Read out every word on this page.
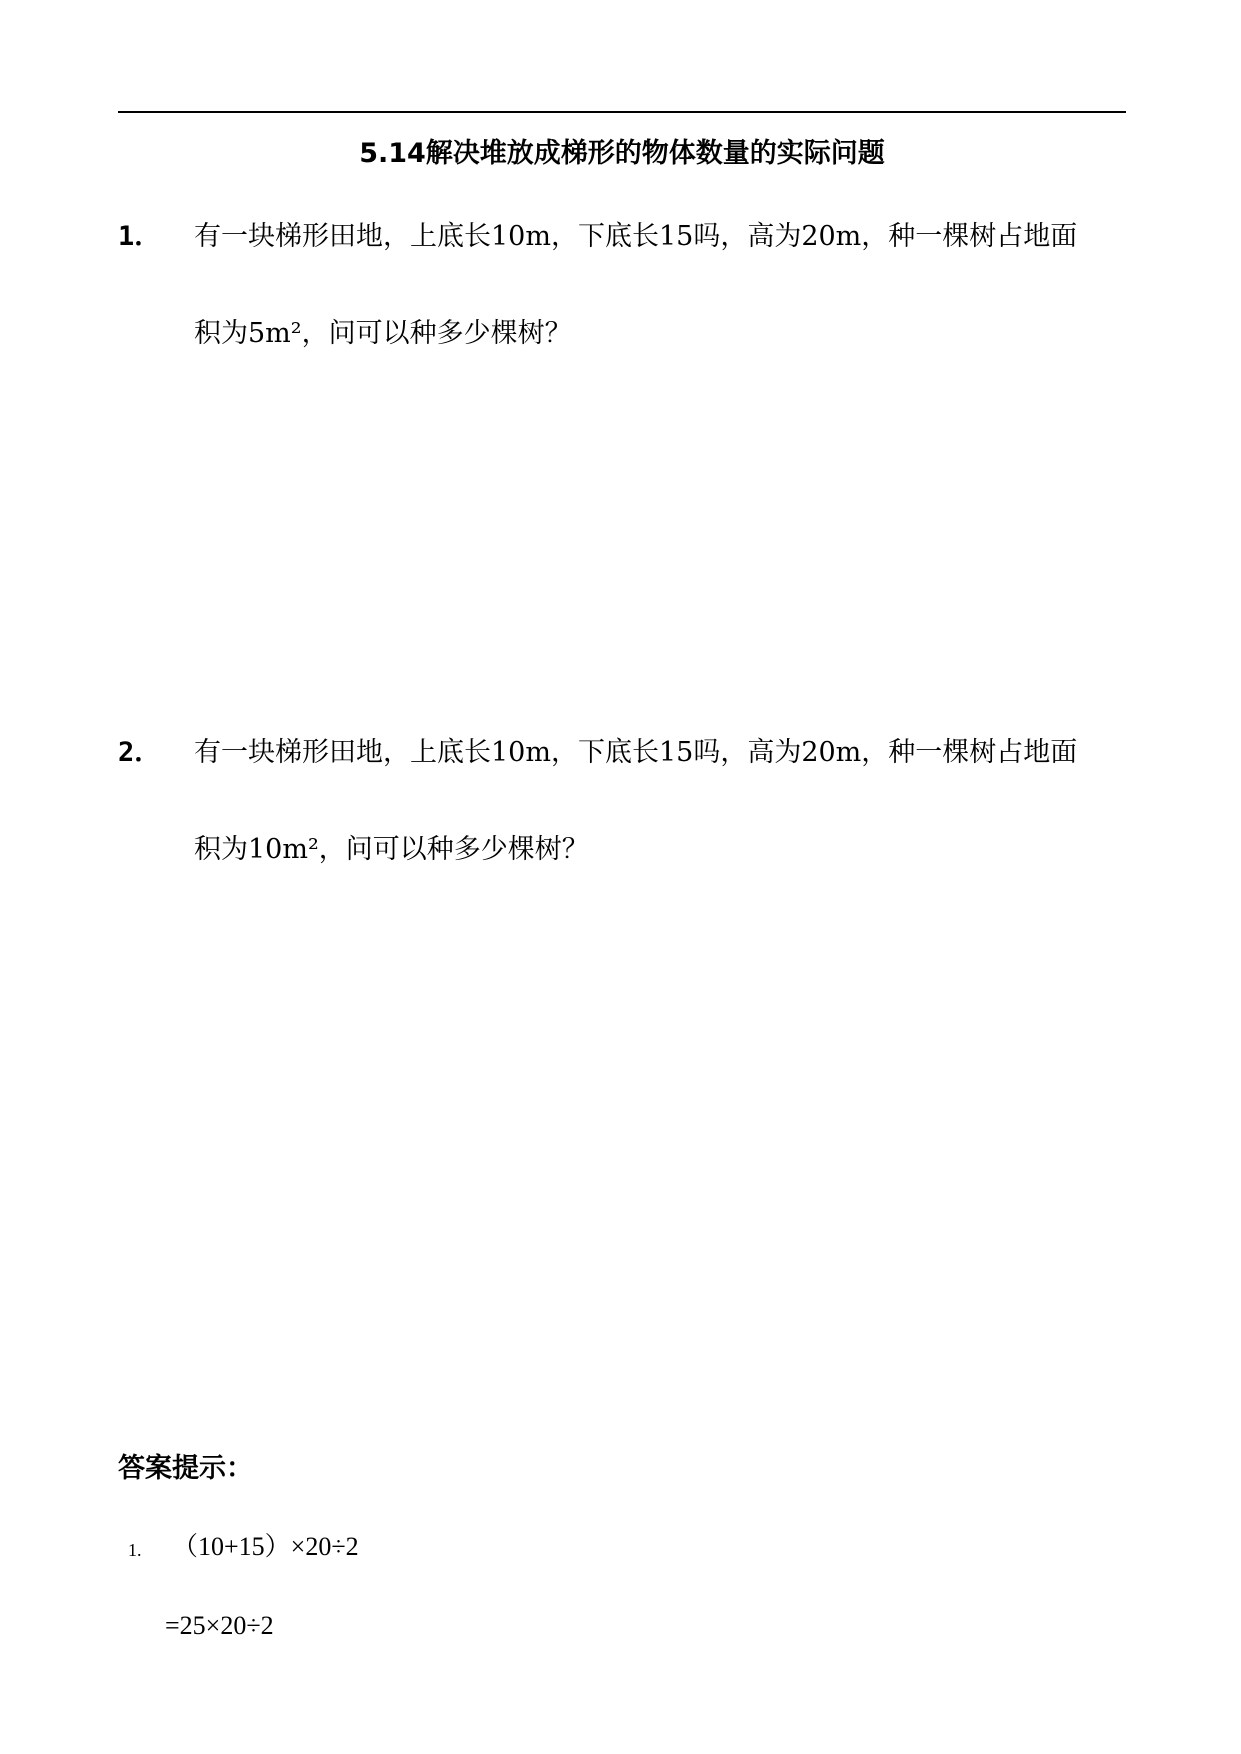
5.14解决堆放成梯形的物体数量的实际问题
1． 有一块梯形田地，上底长10m，下底长15吗，高为20m，种一棵树占地面
积为5m²，问可以种多少棵树？
2． 有一块梯形田地，上底长10m，下底长15吗，高为20m，种一棵树占地面
积为10m²，问可以种多少棵树？
答案提示：
1. （10+15）×20÷2
=25×20÷2
